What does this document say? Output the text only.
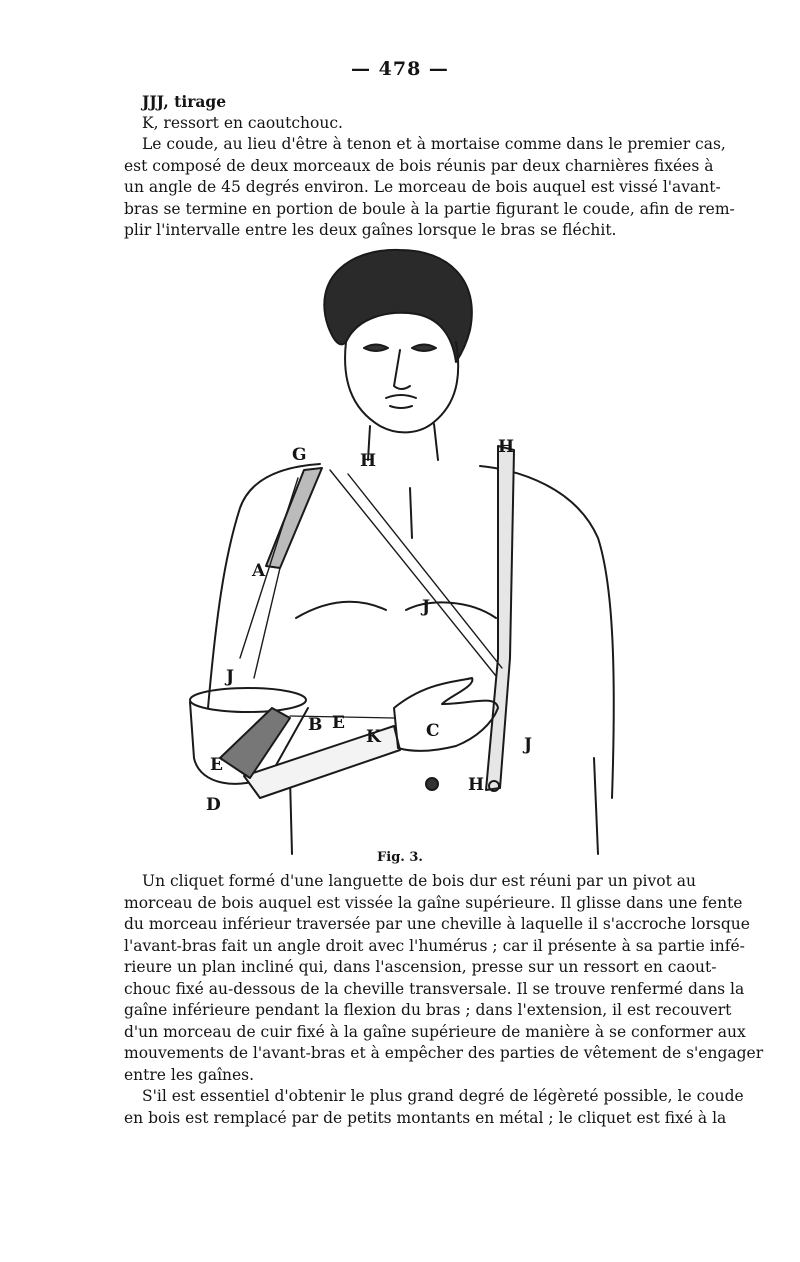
— 478 —
JJJ, tirage
K, ressort en caoutchouc.
Le coude, au lieu d'être à tenon et à mortaise comme dans le premier cas,
est composé de deux morceaux de bois réunis par deux charnières fixées à
un angle de 45 degrés environ. Le morceau de bois auquel est vissé l'avant-
bras se termine en portion de boule à la partie figurant le coude, afin de rem-
plir l'intervalle entre les deux gaînes lorsque le bras se fléchit.
G	H
H
A
J
J
J
B E
K	C
E
D
H
Fig. 3.
Un cliquet formé d'une languette de bois dur est réuni par un pivot au
morceau de bois auquel est vissée la gaîne supérieure. Il glisse dans une fente
du morceau inférieur traversée par une cheville à laquelle il s'accroche lorsque
l'avant-bras fait un angle droit avec l'humérus ; car il présente à sa partie infé-
rieure un plan incliné qui, dans l'ascension, presse sur un ressort en caout-
chouc fixé au-dessous de la cheville transversale. Il se trouve renfermé dans la
gaîne inférieure pendant la flexion du bras ; dans l'extension, il est recouvert
d'un morceau de cuir fixé à la gaîne supérieure de manière à se conformer aux
mouvements de l'avant-bras et à empêcher des parties de vêtement de s'engager
entre les gaînes.
S'il est essentiel d'obtenir le plus grand degré de légèreté possible, le coude
en bois est remplacé par de petits montants en métal ; le cliquet est fixé à la
